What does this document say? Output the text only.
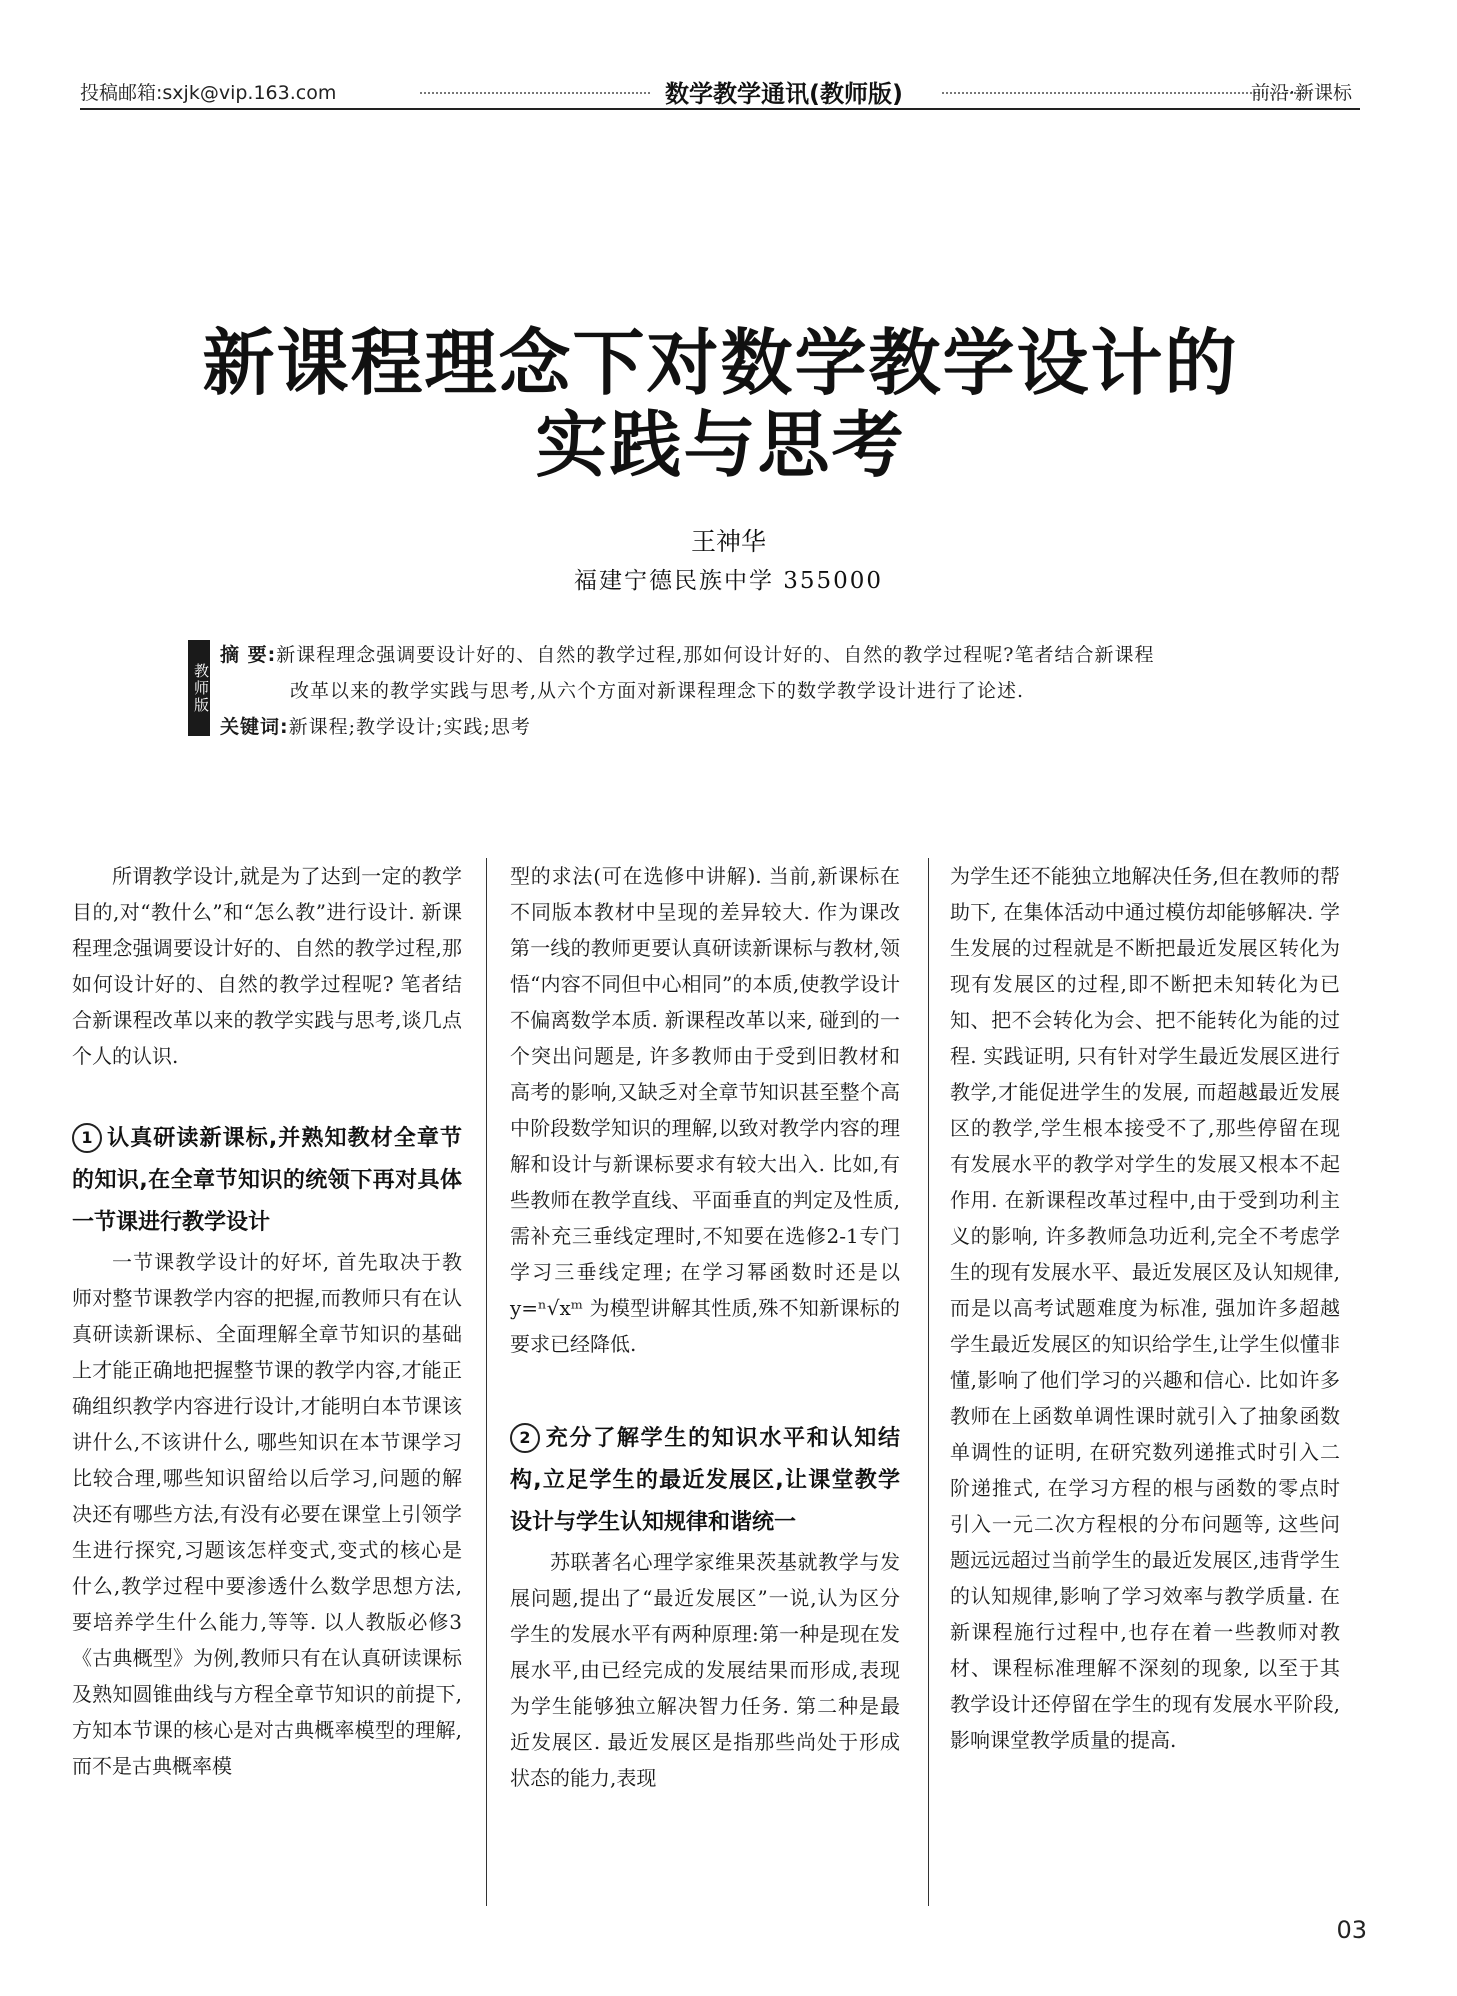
投稿邮箱:sxjk@vip.163.com	数学教学通讯(教师版)	前沿·新课标
新课程理念下对数学教学设计的
实践与思考
王神华
福建宁德民族中学 355000
教师版
摘 要:新课程理念强调要设计好的、自然的教学过程,那如何设计好的、自然的教学过程呢?笔者结合新课程
改革以来的教学实践与思考,从六个方面对新课程理念下的数学教学设计进行了论述.
关键词:新课程;教学设计;实践;思考

所谓教学设计,就是为了达到一定的教学目的,对“教什么”和“怎么教”进行设计. 新课程理念强调要设计好的、自然的教学过程,那如何设计好的、自然的教学过程呢? 笔者结合新课程改革以来的教学实践与思考,谈几点个人的认识.

1 认真研读新课标,并熟知教材全章节的知识,在全章节知识的统领下再对具体一节课进行教学设计

一节课教学设计的好坏, 首先取决于教师对整节课教学内容的把握,而教师只有在认真研读新课标、全面理解全章节知识的基础上才能正确地把握整节课的教学内容,才能正确组织教学内容进行设计,才能明白本节课该讲什么,不该讲什么, 哪些知识在本节课学习比较合理,哪些知识留给以后学习,问题的解决还有哪些方法,有没有必要在课堂上引领学生进行探究,习题该怎样变式,变式的核心是什么,教学过程中要渗透什么数学思想方法,要培养学生什么能力,等等. 以人教版必修3《古典概型》为例,教师只有在认真研读课标及熟知圆锥曲线与方程全章节知识的前提下,方知本节课的核心是对古典概率模型的理解,而不是古典概率模

型的求法(可在选修中讲解). 当前,新课标在不同版本教材中呈现的差异较大. 作为课改第一线的教师更要认真研读新课标与教材,领悟“内容不同但中心相同”的本质,使教学设计不偏离数学本质. 新课程改革以来, 碰到的一个突出问题是, 许多教师由于受到旧教材和高考的影响,又缺乏对全章节知识甚至整个高中阶段数学知识的理解,以致对教学内容的理解和设计与新课标要求有较大出入. 比如,有些教师在教学直线、平面垂直的判定及性质,需补充三垂线定理时,不知要在选修2-1专门学习三垂线定理; 在学习幂函数时还是以y=ⁿ√xᵐ 为模型讲解其性质,殊不知新课标的要求已经降低.

2 充分了解学生的知识水平和认知结构,立足学生的最近发展区,让课堂教学设计与学生认知规律和谐统一

苏联著名心理学家维果茨基就教学与发展问题,提出了“最近发展区”一说,认为区分学生的发展水平有两种原理:第一种是现在发展水平,由已经完成的发展结果而形成,表现为学生能够独立解决智力任务. 第二种是最近发展区. 最近发展区是指那些尚处于形成状态的能力,表现

为学生还不能独立地解决任务,但在教师的帮助下, 在集体活动中通过模仿却能够解决. 学生发展的过程就是不断把最近发展区转化为现有发展区的过程,即不断把未知转化为已知、把不会转化为会、把不能转化为能的过程. 实践证明, 只有针对学生最近发展区进行教学,才能促进学生的发展, 而超越最近发展区的教学,学生根本接受不了,那些停留在现有发展水平的教学对学生的发展又根本不起作用. 在新课程改革过程中,由于受到功利主义的影响, 许多教师急功近利,完全不考虑学生的现有发展水平、最近发展区及认知规律, 而是以高考试题难度为标准, 强加许多超越学生最近发展区的知识给学生,让学生似懂非懂,影响了他们学习的兴趣和信心. 比如许多教师在上函数单调性课时就引入了抽象函数单调性的证明, 在研究数列递推式时引入二阶递推式, 在学习方程的根与函数的零点时引入一元二次方程根的分布问题等, 这些问题远远超过当前学生的最近发展区,违背学生的认知规律,影响了学习效率与教学质量. 在新课程施行过程中,也存在着一些教师对教材、课程标准理解不深刻的现象, 以至于其教学设计还停留在学生的现有发展水平阶段,影响课堂教学质量的提高.

03
